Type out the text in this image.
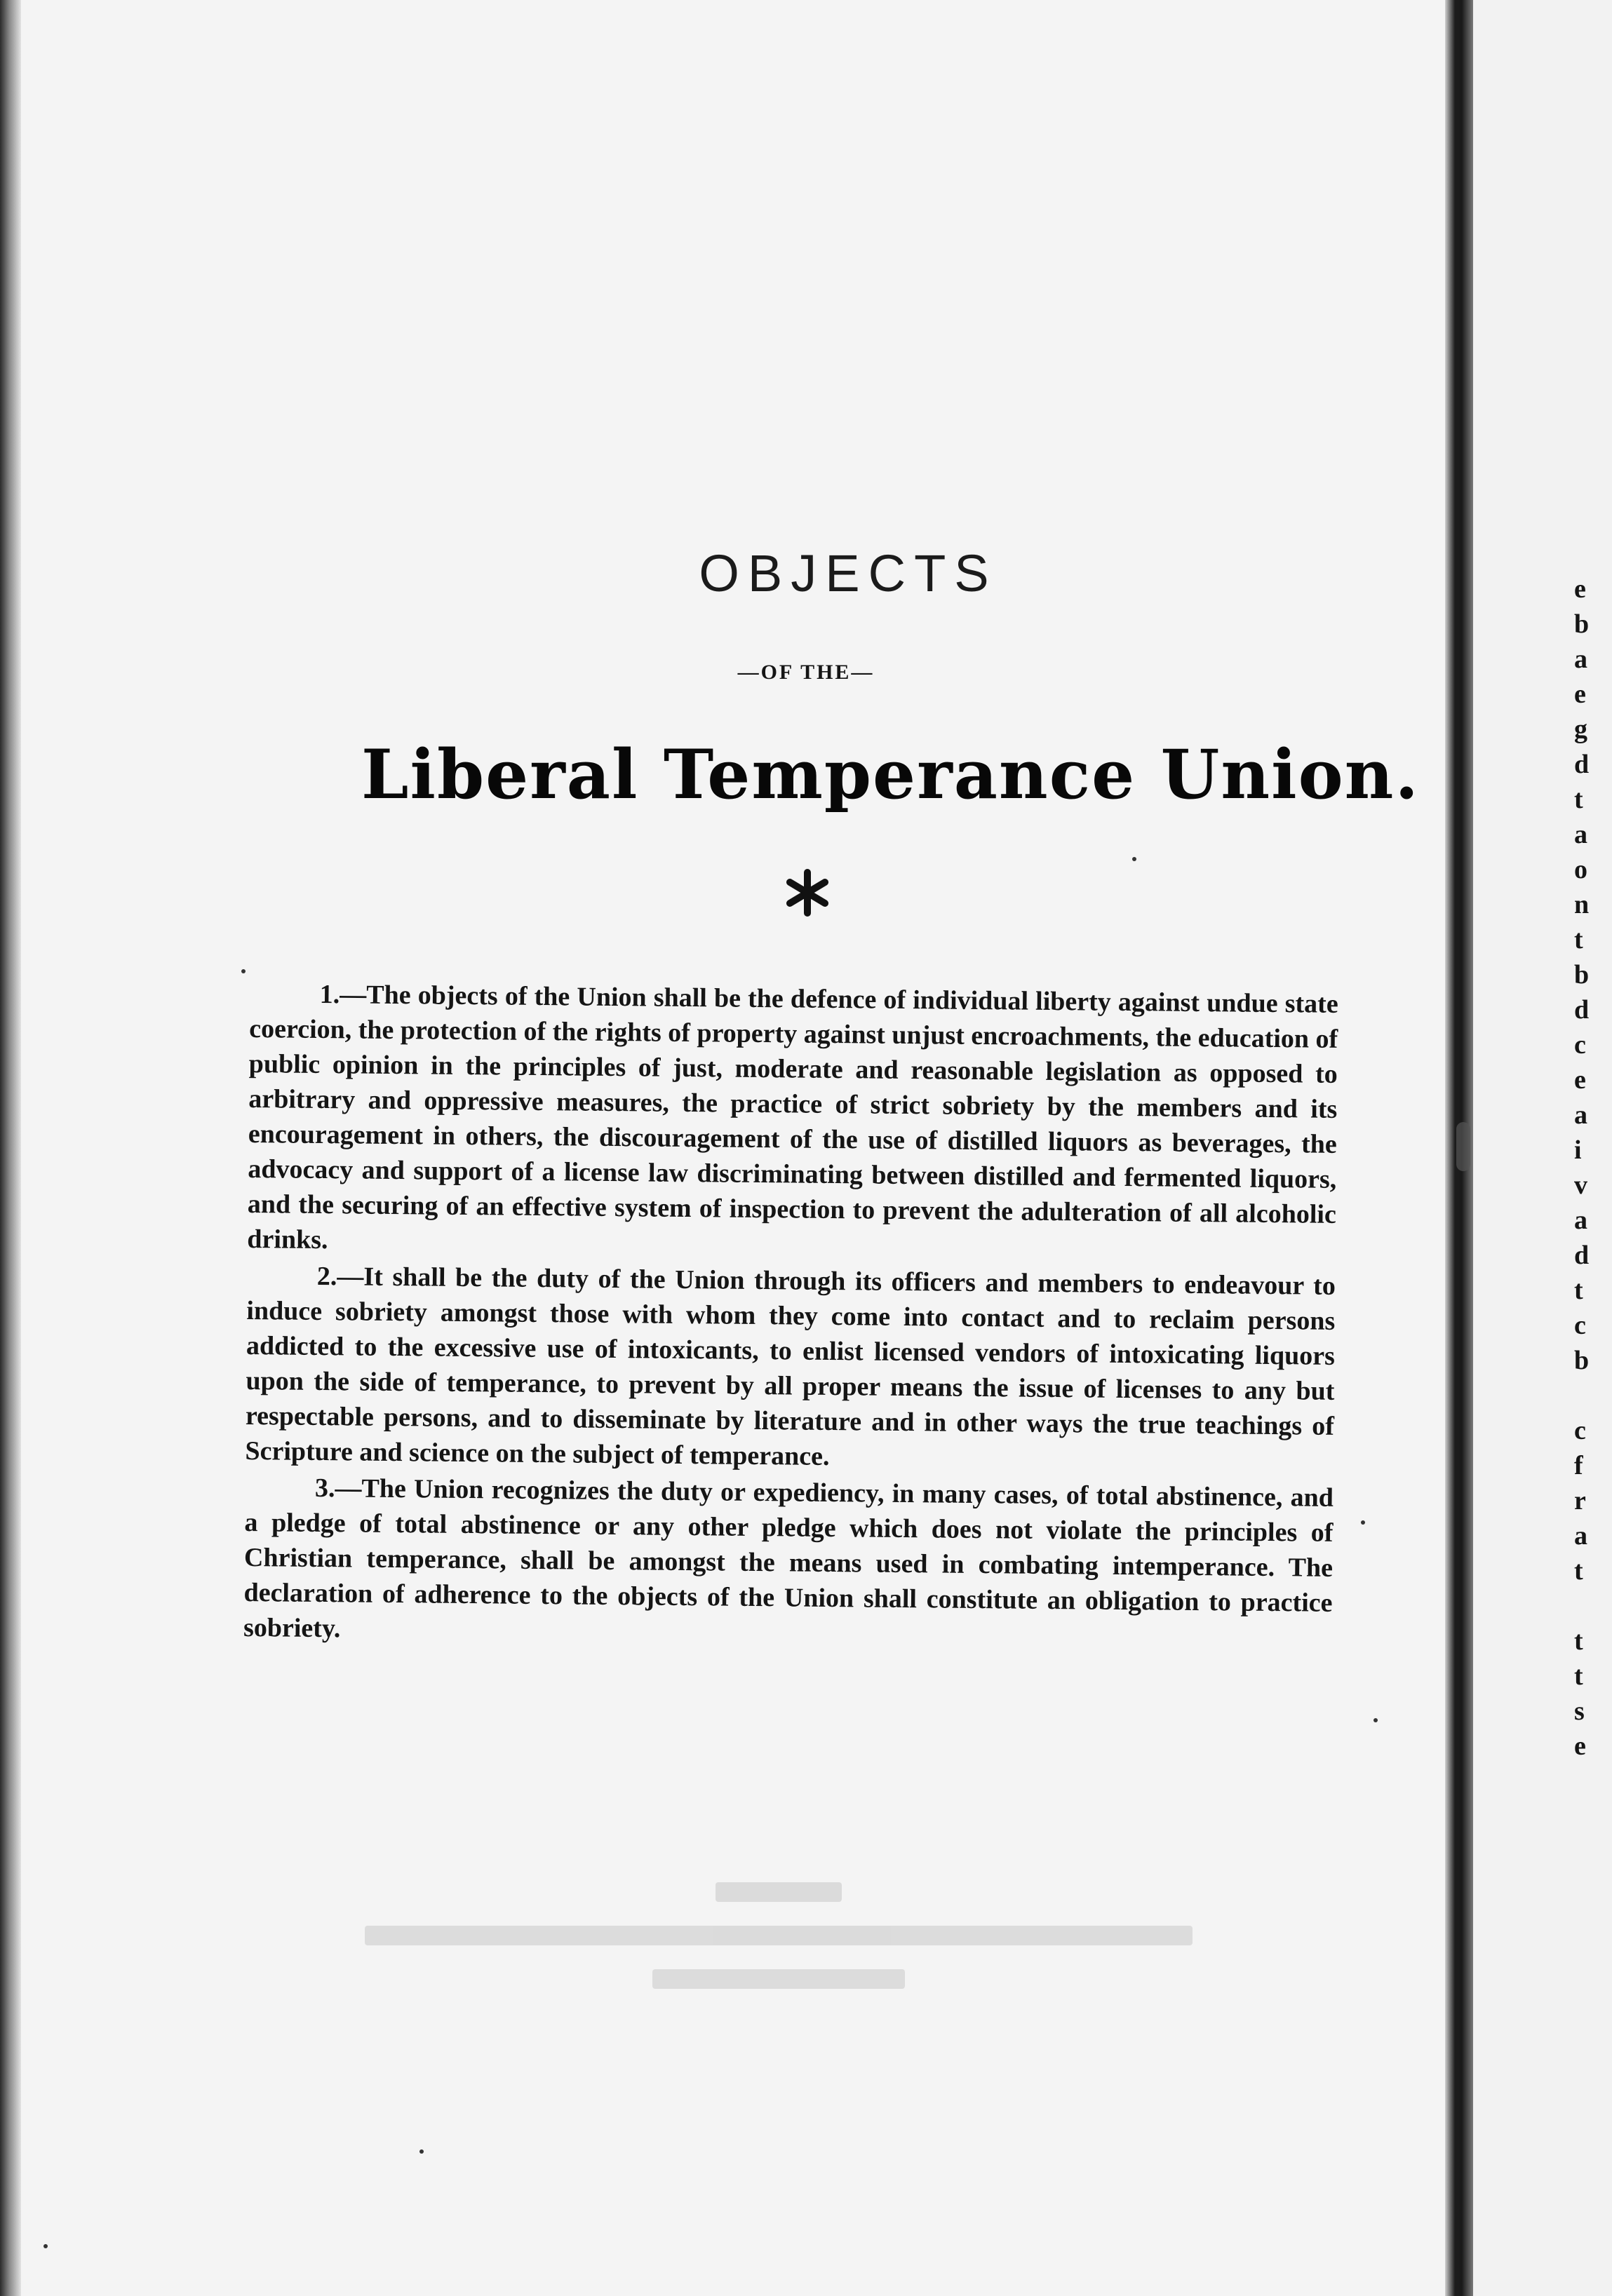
OBJECTS
—OF THE—
Liberal Temperance Union.

1.—The objects of the Union shall be the defence of individual liberty against undue state coercion, the protection of the rights of property against unjust encroachments, the education of public opinion in the principles of just, moderate and reasonable legislation as opposed to arbitrary and oppressive measures, the practice of strict sobriety by the members and its encouragement in others, the discouragement of the use of distilled liquors as beverages, the advocacy and support of a license law discriminating between distilled and fermented liquors, and the securing of an effective system of inspection to prevent the adulteration of all alcoholic drinks.

2.—It shall be the duty of the Union through its officers and members to endeavour to induce sobriety amongst those with whom they come into contact and to reclaim persons addicted to the excessive use of intoxicants, to enlist licensed vendors of intoxicating liquors upon the side of temperance, to prevent by all proper means the issue of licenses to any but respectable persons, and to disseminate by literature and in other ways the true teachings of Scripture and science on the subject of temperance.

3.—The Union recognizes the duty or expediency, in many cases, of total abstinence, and a pledge of total abstinence or any other pledge which does not violate the principles of Christian temperance, shall be amongst the means used in combating intemperance. The declaration of adherence to the objects of the Union shall constitute an obligation to practice sobriety.

e
b
a
e
g
d
t
a
o
n
t
b
d
c
e
a
i
v
a
d
t
c
b
c
f
r
a
t
t
t
s
e
